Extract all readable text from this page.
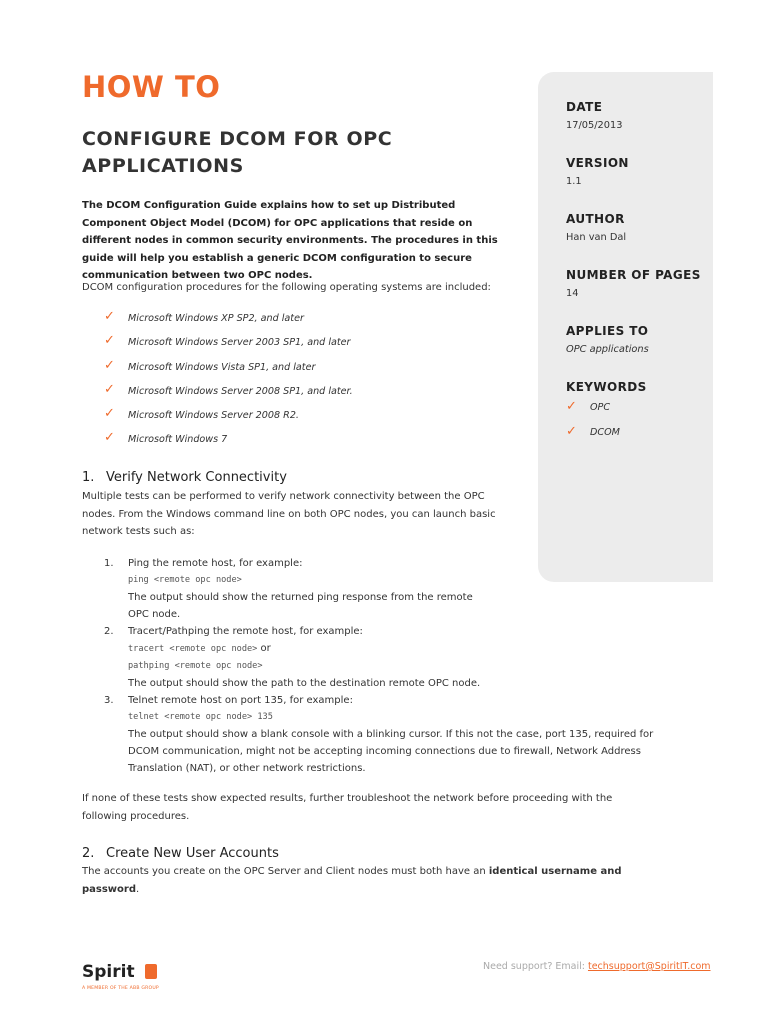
HOW TO
CONFIGURE DCOM FOR OPC APPLICATIONS
The DCOM Configuration Guide explains how to set up Distributed Component Object Model (DCOM) for OPC applications that reside on different nodes in common security environments. The procedures in this guide will help you establish a generic DCOM configuration to secure communication between two OPC nodes.
DCOM configuration procedures for the following operating systems are included:
✓	Microsoft Windows XP SP2, and later
✓	Microsoft Windows Server 2003 SP1, and later
✓	Microsoft Windows Vista SP1, and later
✓	Microsoft Windows Server 2008 SP1, and later.
✓	Microsoft Windows Server 2008 R2.
✓	Microsoft Windows 7
1. Verify Network Connectivity
Multiple tests can be performed to verify network connectivity between the OPC nodes. From the Windows command line on both OPC nodes, you can launch basic network tests such as:
1. Ping the remote host, for example:
ping <remote opc node>
The output should show the returned ping response from the remote OPC node.
2. Tracert/Pathping the remote host, for example:
tracert <remote opc node> or
pathping <remote opc node>
The output should show the path to the destination remote OPC node.
3. Telnet remote host on port 135, for example:
telnet <remote opc node> 135
The output should show a blank console with a blinking cursor. If this not the case, port 135, required for DCOM communication, might not be accepting incoming connections due to firewall, Network Address Translation (NAT), or other network restrictions.
If none of these tests show expected results, further troubleshoot the network before proceeding with the following procedures.
2. Create New User Accounts
The accounts you create on the OPC Server and Client nodes must both have an identical username and password.
DATE
17/05/2013
VERSION
1.1
AUTHOR
Han van Dal
NUMBER OF PAGES
14
APPLIES TO
OPC applications
KEYWORDS
✓	OPC
✓	DCOM
Spirit
A MEMBER OF THE ABB GROUP
Need support? Email: techsupport@SpiritIT.com
